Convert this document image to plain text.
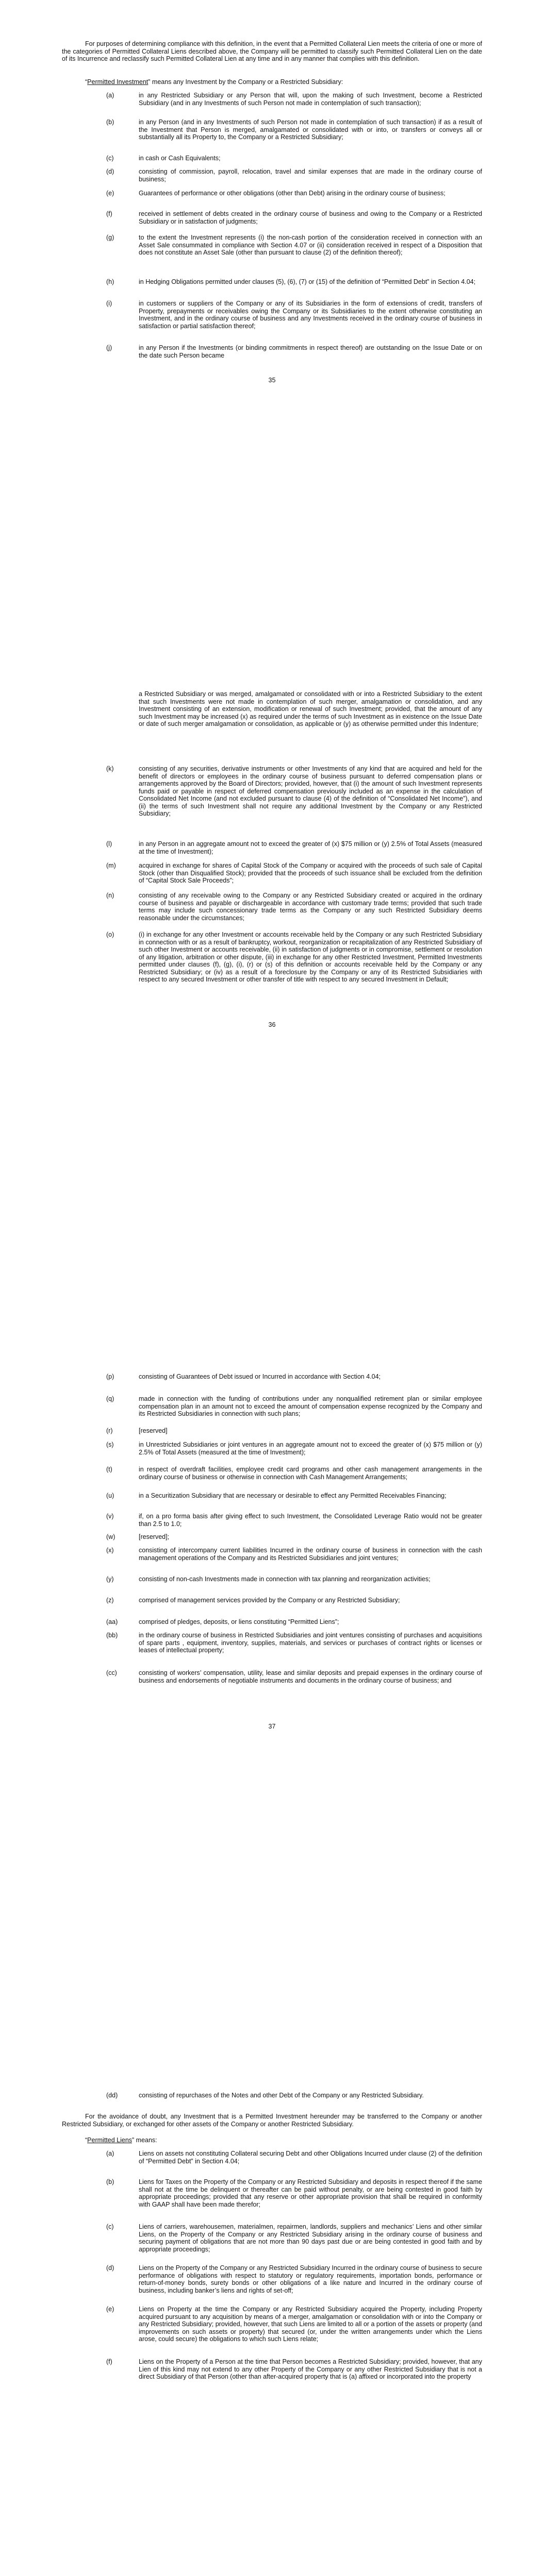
For purposes of determining compliance with this definition, in the event that a Permitted Collateral Lien meets the criteria of one or more of the categories of Permitted Collateral Liens described above, the Company will be permitted to classify such Permitted Collateral Lien on the date of its Incurrence and reclassify such Permitted Collateral Lien at any time and in any manner that complies with this definition.

“Permitted Investment” means any Investment by the Company or a Restricted Subsidiary:

(a)	in any Restricted Subsidiary or any Person that will, upon the making of such Investment, become a Restricted Subsidiary (and in any Investments of such Person not made in contemplation of such transaction);

(b)	in any Person (and in any Investments of such Person not made in contemplation of such transaction) if as a result of the Investment that Person is merged, amalgamated or consolidated with or into, or transfers or conveys all or substantially all its Property to, the Company or a Restricted Subsidiary;

(c)	in cash or Cash Equivalents;

(d)	consisting of commission, payroll, relocation, travel and similar expenses that are made in the ordinary course of business;

(e)	Guarantees of performance or other obligations (other than Debt) arising in the ordinary course of business;

(f)	received in settlement of debts created in the ordinary course of business and owing to the Company or a Restricted Subsidiary or in satisfaction of judgments;

(g)	to the extent the Investment represents (i) the non-cash portion of the consideration received in connection with an Asset Sale consummated in compliance with Section 4.07 or (ii) consideration received in respect of a Disposition that does not constitute an Asset Sale (other than pursuant to clause (2) of the definition thereof);

(h)	in Hedging Obligations permitted under clauses (5), (6), (7) or (15) of the definition of “Permitted Debt” in Section 4.04;

(i)	in customers or suppliers of the Company or any of its Subsidiaries in the form of extensions of credit, transfers of Property, prepayments or receivables owing the Company or its Subsidiaries to the extent otherwise constituting an Investment, and in the ordinary course of business and any Investments received in the ordinary course of business in satisfaction or partial satisfaction thereof;

(j)	in any Person if the Investments (or binding commitments in respect thereof) are outstanding on the Issue Date or on the date such Person became

35

a Restricted Subsidiary or was merged, amalgamated or consolidated with or into a Restricted Subsidiary to the extent that such Investments were not made in contemplation of such merger, amalgamation or consolidation, and any Investment consisting of an extension, modification or renewal of such Investment; provided, that the amount of any such Investment may be increased (x) as required under the terms of such Investment as in existence on the Issue Date or date of such merger amalgamation or consolidation, as applicable or (y) as otherwise permitted under this Indenture;

(k)	consisting of any securities, derivative instruments or other Investments of any kind that are acquired and held for the benefit of directors or employees in the ordinary course of business pursuant to deferred compensation plans or arrangements approved by the Board of Directors; provided, however, that (i) the amount of such Investment represents funds paid or payable in respect of deferred compensation previously included as an expense in the calculation of Consolidated Net Income (and not excluded pursuant to clause (4) of the definition of “Consolidated Net Income”), and (ii) the terms of such Investment shall not require any additional Investment by the Company or any Restricted Subsidiary;

(l)	in any Person in an aggregate amount not to exceed the greater of (x) $75 million or (y) 2.5% of Total Assets (measured at the time of Investment);

(m)	acquired in exchange for shares of Capital Stock of the Company or acquired with the proceeds of such sale of Capital Stock (other than Disqualified Stock); provided that the proceeds of such issuance shall be excluded from the definition of “Capital Stock Sale Proceeds”;

(n)	consisting of any receivable owing to the Company or any Restricted Subsidiary created or acquired in the ordinary course of business and payable or dischargeable in accordance with customary trade terms; provided that such trade terms may include such concessionary trade terms as the Company or any such Restricted Subsidiary deems reasonable under the circumstances;

(o)	(i) in exchange for any other Investment or accounts receivable held by the Company or any such Restricted Subsidiary in connection with or as a result of bankruptcy, workout, reorganization or recapitalization of any Restricted Subsidiary of such other Investment or accounts receivable, (ii) in satisfaction of judgments or in compromise, settlement or resolution of any litigation, arbitration or other dispute, (iii) in exchange for any other Restricted Investment, Permitted Investments permitted under clauses (f), (g), (i), (r) or (s) of this definition or accounts receivable held by the Company or any Restricted Subsidiary; or (iv) as a result of a foreclosure by the Company or any of its Restricted Subsidiaries with respect to any secured Investment or other transfer of title with respect to any secured Investment in Default;

36
(p)	consisting of Guarantees of Debt issued or Incurred in accordance with Section 4.04;

(q)	made in connection with the funding of contributions under any nonqualified retirement plan or similar employee compensation plan in an amount not to exceed the amount of compensation expense recognized by the Company and its Restricted Subsidiaries in connection with such plans;

(r)	[reserved]

(s)	in Unrestricted Subsidiaries or joint ventures in an aggregate amount not to exceed the greater of (x) $75 million or (y) 2.5% of Total Assets (measured at the time of Investment);

(t)	in respect of overdraft facilities, employee credit card programs and other cash management arrangements in the ordinary course of business or otherwise in connection with Cash Management Arrangements;

(u)	in a Securitization Subsidiary that are necessary or desirable to effect any Permitted Receivables Financing;

(v)	if, on a pro forma basis after giving effect to such Investment, the Consolidated Leverage Ratio would not be greater than 2.5 to 1.0;

(w)	[reserved];

(x)	consisting of intercompany current liabilities Incurred in the ordinary course of business in connection with the cash management operations of the Company and its Restricted Subsidiaries and joint ventures;

(y)	consisting of non-cash Investments made in connection with tax planning and reorganization activities;

(z)	comprised of management services provided by the Company or any Restricted Subsidiary;

(aa)	comprised of pledges, deposits, or liens constituting “Permitted Liens”;

(bb)	in the ordinary course of business in Restricted Subsidiaries and joint ventures consisting of purchases and acquisitions of spare parts , equipment, inventory, supplies, materials, and services or purchases of contract rights or licenses or leases of intellectual property;

(cc)	consisting of workers’ compensation, utility, lease and similar deposits and prepaid expenses in the ordinary course of business and endorsements of negotiable instruments and documents in the ordinary course of business; and

37
(dd)	consisting of repurchases of the Notes and other Debt of the Company or any Restricted Subsidiary.

For the avoidance of doubt, any Investment that is a Permitted Investment hereunder may be transferred to the Company or another Restricted Subsidiary, or exchanged for other assets of the Company or another Restricted Subsidiary.

“Permitted Liens” means:

(a)	Liens on assets not constituting Collateral securing Debt and other Obligations Incurred under clause (2) of the definition of “Permitted Debt” in Section 4.04;

(b)	Liens for Taxes on the Property of the Company or any Restricted Subsidiary and deposits in respect thereof if the same shall not at the time be delinquent or thereafter can be paid without penalty, or are being contested in good faith by appropriate proceedings; provided that any reserve or other appropriate provision that shall be required in conformity with GAAP shall have been made therefor;

(c)	Liens of carriers, warehousemen, materialmen, repairmen, landlords, suppliers and mechanics’ Liens and other similar Liens, on the Property of the Company or any Restricted Subsidiary arising in the ordinary course of business and securing payment of obligations that are not more than 90 days past due or are being contested in good faith and by appropriate proceedings;

(d)	Liens on the Property of the Company or any Restricted Subsidiary Incurred in the ordinary course of business to secure performance of obligations with respect to statutory or regulatory requirements, importation bonds, performance or return-of-money bonds, surety bonds or other obligations of a like nature and Incurred in the ordinary course of business, including banker’s liens and rights of set-off;

(e)	Liens on Property at the time the Company or any Restricted Subsidiary acquired the Property, including Property acquired pursuant to any acquisition by means of a merger, amalgamation or consolidation with or into the Company or any Restricted Subsidiary; provided, however, that such Liens are limited to all or a portion of the assets or property (and improvements on such assets or property) that secured (or, under the written arrangements under which the Liens arose, could secure) the obligations to which such Liens relate;

(f)	Liens on the Property of a Person at the time that Person becomes a Restricted Subsidiary; provided, however, that any Lien of this kind may not extend to any other Property of the Company or any other Restricted Subsidiary that is not a direct Subsidiary of that Person (other than after-acquired property that is (a) affixed or incorporated into the property
